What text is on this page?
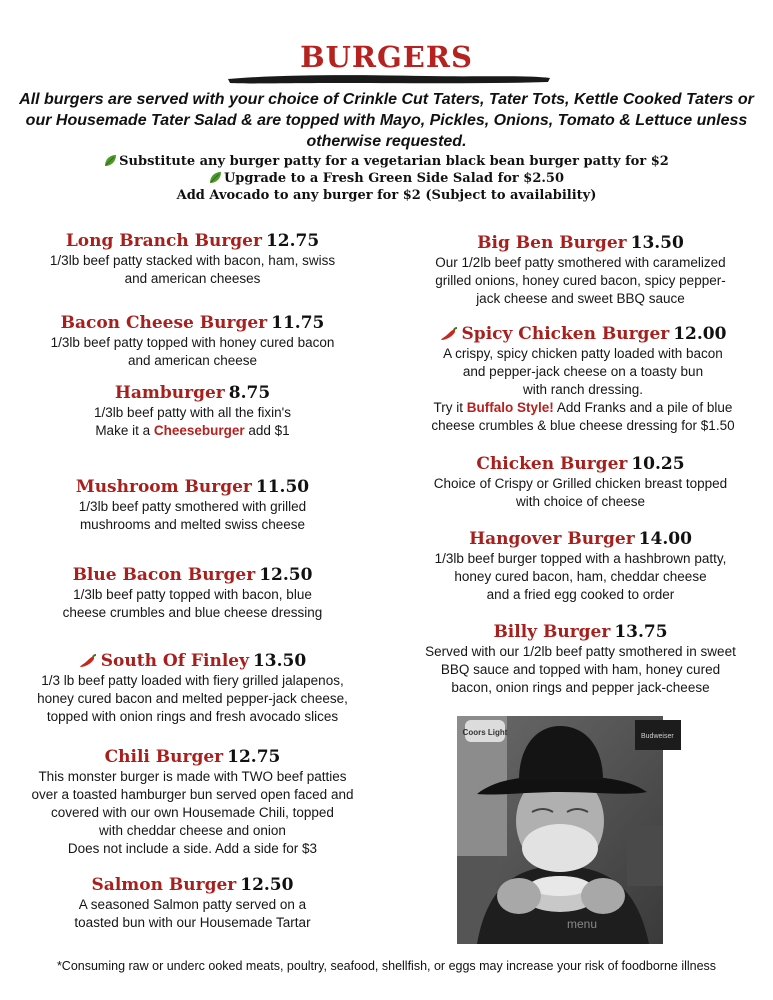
BURGERS
All burgers are served with your choice of Crinkle Cut Taters, Tater Tots, Kettle Cooked Taters or our Housemade Tater Salad & are topped with Mayo, Pickles, Onions, Tomato & Lettuce unless otherwise requested.
Substitute any burger patty for a vegetarian black bean burger patty for $2
Upgrade to a Fresh Green Side Salad for $2.50
Add Avocado to any burger for $2 (Subject to availability)
Long Branch Burger 12.75
1/3lb beef patty stacked with bacon, ham, swiss
and american cheeses
Bacon Cheese Burger 11.75
1/3lb beef patty topped with honey cured bacon
and american cheese
Hamburger 8.75
1/3lb beef patty with all the fixin's
Make it a Cheeseburger add $1
Mushroom Burger 11.50
1/3lb beef patty smothered with grilled
mushrooms and melted swiss cheese
Blue Bacon Burger 12.50
1/3lb beef patty topped with bacon, blue
cheese crumbles and blue cheese dressing
South Of Finley 13.50
1/3 lb beef patty loaded with fiery grilled jalapenos,
honey cured bacon and melted pepper-jack cheese,
topped with onion rings and fresh avocado slices
Chili Burger 12.75
This monster burger is made with TWO beef patties
over a toasted hamburger bun served open faced and
covered with our own Housemade Chili, topped
with cheddar cheese and onion
Does not include a side. Add a side for $3
Salmon Burger 12.50
A seasoned Salmon patty served on a
toasted bun with our Housemade Tartar
Big Ben Burger 13.50
Our 1/2lb beef patty smothered with caramelized
grilled onions, honey cured bacon, spicy pepper-
jack cheese and sweet BBQ sauce
Spicy Chicken Burger 12.00
A crispy, spicy chicken patty loaded with bacon
and pepper-jack cheese on a toasty bun
with ranch dressing.
Try it Buffalo Style! Add Franks and a pile of blue
cheese crumbles & blue cheese dressing for $1.50
Chicken Burger 10.25
Choice of Crispy or Grilled chicken breast topped
with choice of cheese
Hangover Burger 14.00
1/3lb beef burger topped with a hashbrown patty,
honey cured bacon, ham, cheddar cheese
and a fried egg cooked to order
Billy Burger 13.75
Served with our 1/2lb beef patty smothered in sweet
BBQ sauce and topped with ham, honey cured
bacon, onion rings and pepper jack-cheese
Coors Light	Budweiser
menu
*Consuming raw or underc ooked meats, poultry, seafood, shellfish, or eggs may increase your risk of foodborne illness
